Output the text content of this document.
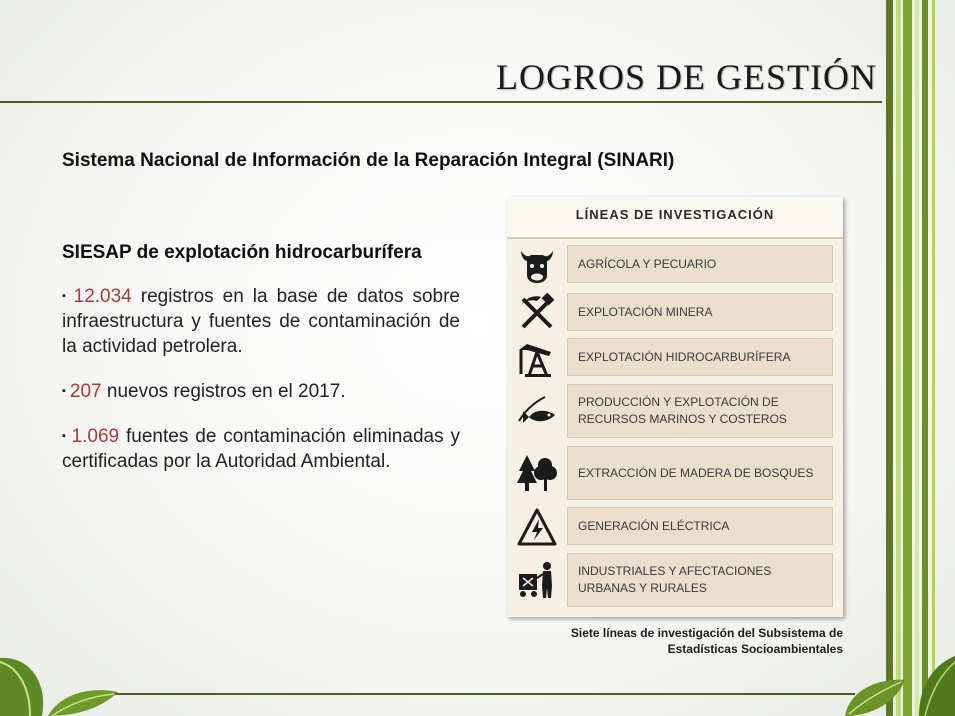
LOGROS DE GESTIÓN
Sistema Nacional de Información de la Reparación Integral (SINARI)

SIESAP de explotación hidrocarburífera

▪ 12.034 registros en la base de datos sobre infraestructura y fuentes de contaminación de la actividad petrolera.

▪ 207 nuevos registros en el 2017.

▪ 1.069 fuentes de contaminación eliminadas y certificadas por la Autoridad Ambiental.

LÍNEAS DE INVESTIGACIÓN
AGRÍCOLA Y PECUARIO
EXPLOTACIÓN MINERA
EXPLOTACIÓN HIDROCARBURÍFERA
PRODUCCIÓN Y EXPLOTACIÓN DE RECURSOS MARINOS Y COSTEROS
EXTRACCIÓN DE MADERA DE BOSQUES
GENERACIÓN ELÉCTRICA
INDUSTRIALES Y AFECTACIONES URBANAS Y RURALES

Siete líneas de investigación del Subsistema de
Estadísticas Socioambientales
